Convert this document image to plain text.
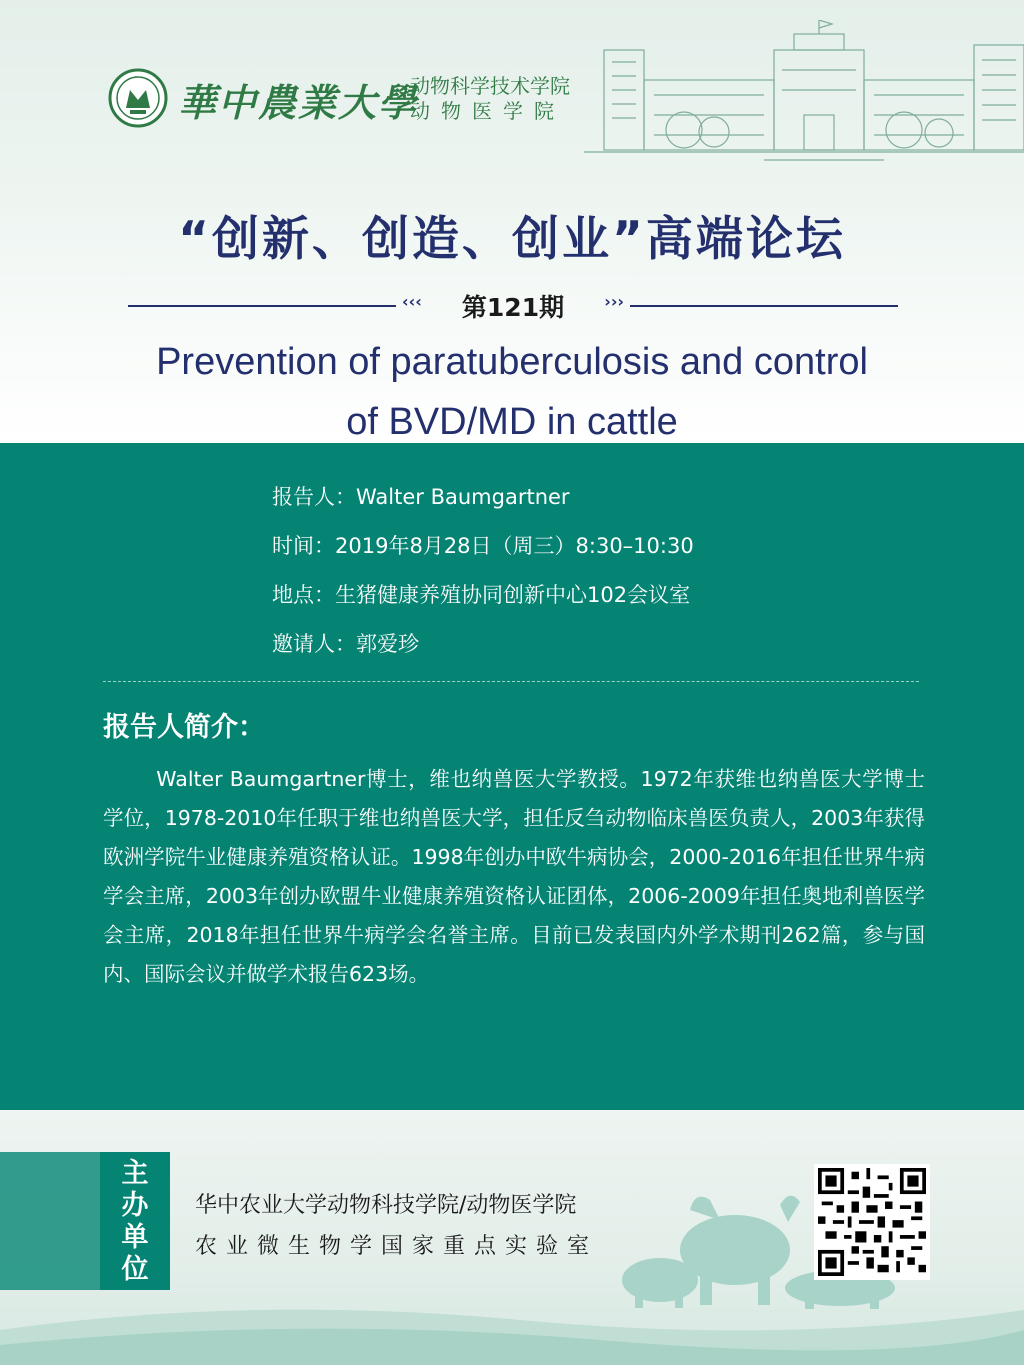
華中農業大學
动物科学技术学院
动物医学院
“创新、创造、创业”高端论坛
‹‹‹	第121期	›››
Prevention of paratuberculosis and control
of BVD/MD in cattle
报告人：Walter Baumgartner
时间：2019年8月28日（周三）8:30–10:30
地点：生猪健康养殖协同创新中心102会议室
邀请人：郭爱珍
报告人简介：
Walter Baumgartner博士，维也纳兽医大学教授。1972年获维也纳兽医大学博士学位，1978-2010年任职于维也纳兽医大学，担任反刍动物临床兽医负责人，2003年获得欧洲学院牛业健康养殖资格认证。1998年创办中欧牛病协会，2000-2016年担任世界牛病学会主席，2003年创办欧盟牛业健康养殖资格认证团体，2006-2009年担任奥地利兽医学会主席，2018年担任世界牛病学会名誉主席。目前已发表国内外学术期刊262篇，参与国内、国际会议并做学术报告623场。
主
办
单
位
华中农业大学动物科技学院/动物医学院
农业微生物学国家重点实验室
